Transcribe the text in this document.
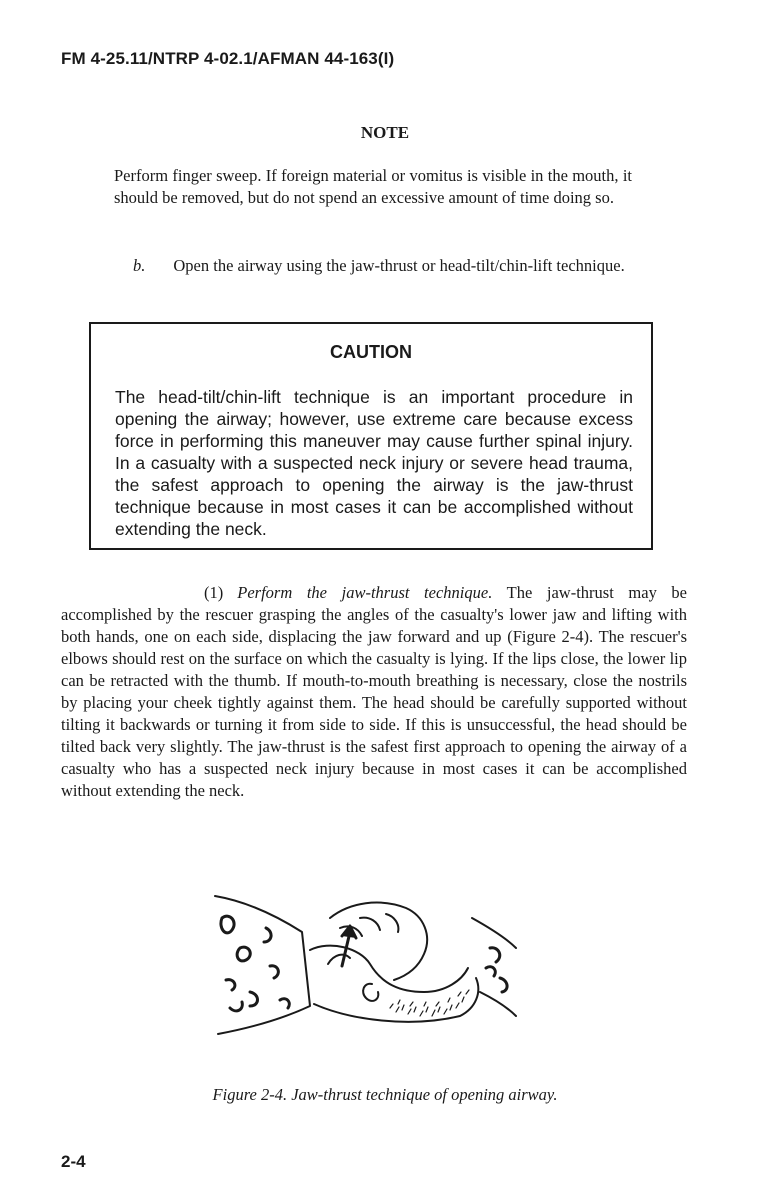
FM 4-25.11/NTRP 4-02.1/AFMAN 44-163(I)
NOTE
Perform finger sweep. If foreign material or vomitus is visible in the mouth, it should be removed, but do not spend an excessive amount of time doing so.
b. Open the airway using the jaw-thrust or head-tilt/chin-lift technique.
CAUTION
The head-tilt/chin-lift technique is an important procedure in opening the airway; however, use extreme care because excess force in performing this maneuver may cause further spinal injury. In a casualty with a suspected neck injury or severe head trauma, the safest approach to opening the airway is the jaw-thrust technique because in most cases it can be accomplished without extending the neck.
(1) Perform the jaw-thrust technique. The jaw-thrust may be accomplished by the rescuer grasping the angles of the casualty's lower jaw and lifting with both hands, one on each side, displacing the jaw forward and up (Figure 2-4). The rescuer's elbows should rest on the surface on which the casualty is lying. If the lips close, the lower lip can be retracted with the thumb. If mouth-to-mouth breathing is necessary, close the nostrils by placing your cheek tightly against them. The head should be carefully supported without tilting it backwards or turning it from side to side. If this is unsuccessful, the head should be tilted back very slightly. The jaw-thrust is the safest first approach to opening the airway of a casualty who has a suspected neck injury because in most cases it can be accomplished without extending the neck.
Figure 2-4. Jaw-thrust technique of opening airway.
2-4
